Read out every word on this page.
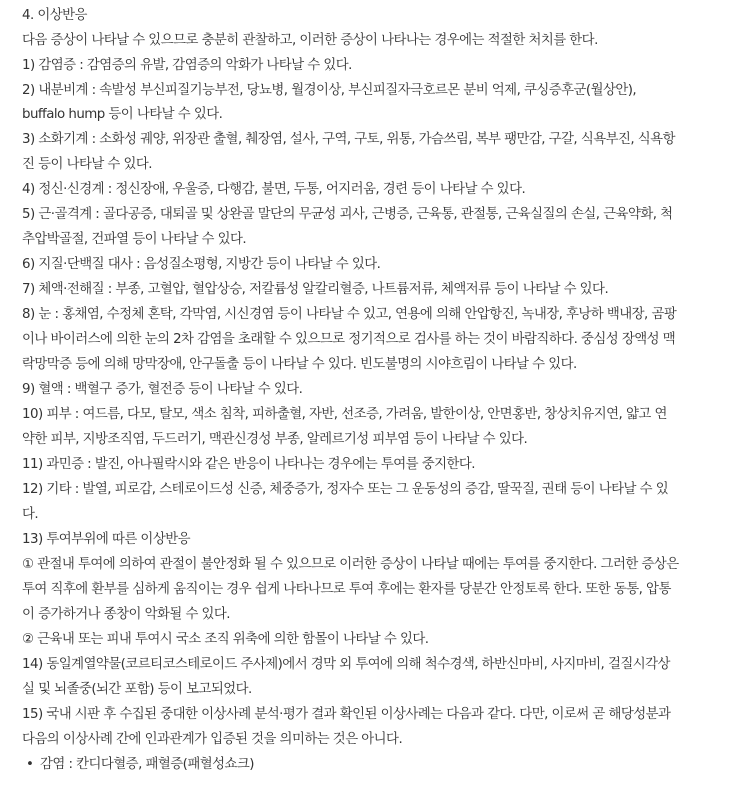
4. 이상반응
다음 증상이 나타날 수 있으므로 충분히 관찰하고, 이러한 증상이 나타나는 경우에는 적절한 처치를 한다.
1) 감염증 : 감염증의 유발, 감염증의 악화가 나타날 수 있다.
2) 내분비계 : 속발성 부신피질기능부전, 당뇨병, 월경이상, 부신피질자극호르몬 분비 억제, 쿠싱증후군(월상안),
buffalo hump 등이 나타날 수 있다.
3) 소화기계 : 소화성 궤양, 위장관 출혈, 췌장염, 설사, 구역, 구토, 위통, 가슴쓰림, 복부 팽만감, 구갈, 식욕부진, 식욕항
진 등이 나타날 수 있다.
4) 정신·신경계 : 정신장애, 우울증, 다행감, 불면, 두통, 어지러움, 경련 등이 나타날 수 있다.
5) 근·골격계 : 골다공증, 대퇴골 및 상완골 말단의 무균성 괴사, 근병증, 근육통, 관절통, 근육실질의 손실, 근육약화, 척
추압박골절, 건파열 등이 나타날 수 있다.
6) 지질·단백질 대사 : 음성질소평형, 지방간 등이 나타날 수 있다.
7) 체액·전해질 : 부종, 고혈압, 혈압상승, 저칼륨성 알칼리혈증, 나트륨저류, 체액저류 등이 나타날 수 있다.
8) 눈 : 홍채염, 수정체 혼탁, 각막염, 시신경염 등이 나타날 수 있고, 연용에 의해 안압항진, 녹내장, 후낭하 백내장, 곰팡
이나 바이러스에 의한 눈의 2차 감염을 초래할 수 있으므로 정기적으로 검사를 하는 것이 바람직하다. 중심성 장액성 맥
락망막증 등에 의해 망막장애, 안구돌출 등이 나타날 수 있다. 빈도불명의 시야흐림이 나타날 수 있다.
9) 혈액 : 백혈구 증가, 혈전증 등이 나타날 수 있다.
10) 피부 : 여드름, 다모, 탈모, 색소 침착, 피하출혈, 자반, 선조증, 가려움, 발한이상, 안면홍반, 창상치유지연, 얇고 연
약한 피부, 지방조직염, 두드러기, 맥관신경성 부종, 알레르기성 피부염 등이 나타날 수 있다.
11) 과민증 : 발진, 아나필락시와 같은 반응이 나타나는 경우에는 투여를 중지한다.
12) 기타 : 발열, 피로감, 스테로이드성 신증, 체중증가, 정자수 또는 그 운동성의 증감, 딸꾹질, 권태 등이 나타날 수 있
다.
13) 투여부위에 따른 이상반응
① 관절내 투여에 의하여 관절이 불안정화 될 수 있으므로 이러한 증상이 나타날 때에는 투여를 중지한다. 그러한 증상은
투여 직후에 환부를 심하게 움직이는 경우 쉽게 나타나므로 투여 후에는 환자를 당분간 안정토록 한다. 또한 동통, 압통
이 증가하거나 종창이 악화될 수 있다.
② 근육내 또는 피내 투여시 국소 조직 위축에 의한 함몰이 나타날 수 있다.
14) 동일계열약물(코르티코스테로이드 주사제)에서 경막 외 투여에 의해 척수경색, 하반신마비, 사지마비, 걸질시각상
실 및 뇌졸중(뇌간 포함) 등이 보고되었다.
15) 국내 시판 후 수집된 중대한 이상사례 분석·평가 결과 확인된 이상사례는 다음과 같다. 다만, 이로써 곧 해당성분과
다음의 이상사례 간에 인과관계가 입증된 것을 의미하는 것은 아니다.
• 감염 : 칸디다혈증, 패혈증(패혈성쇼크)
